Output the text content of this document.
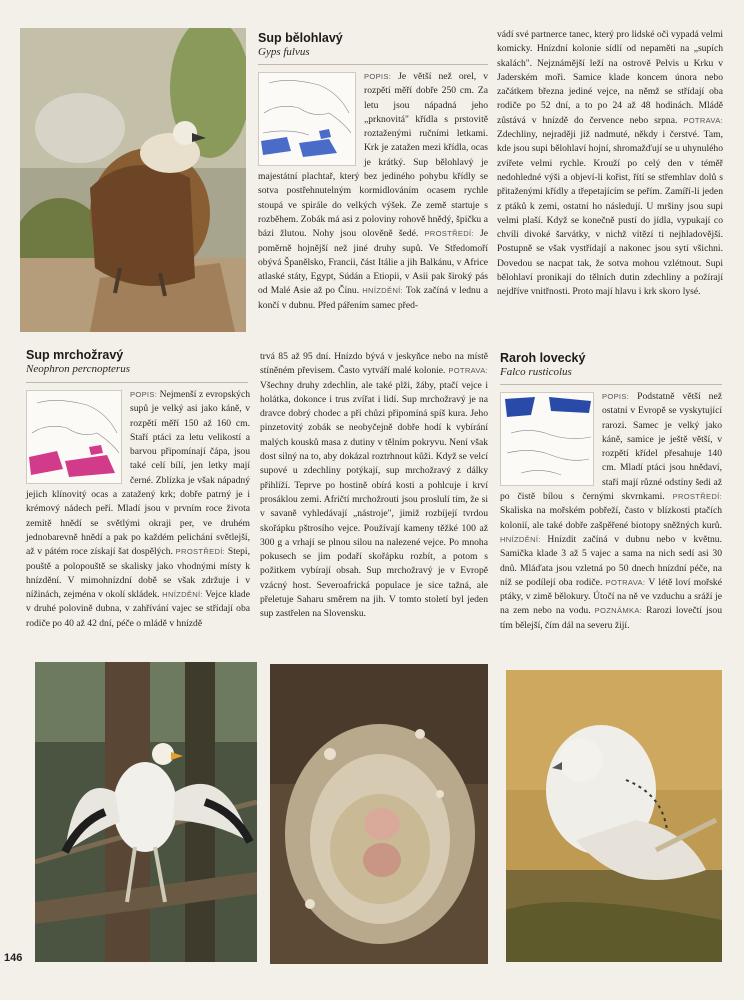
Sup bělohlavý
Gyps fulvus

POPIS: Je větší než orel, v rozpětí měří dobře 250 cm. Za letu jsou nápadná jeho „prknovitá" křídla s prstovitě roztaženými ručními letkami. Krk je zatažen mezi křídla, ocas je krátký. Sup bělohlavý je majestátní plachtař, který bez jediného pohybu křídly se sotva postřehnutelným kormidlováním ocasem rychle stoupá ve spirále do velkých výšek. Ze země startuje s rozběhem. Zobák má asi z poloviny rohově hnědý, špičku a bázi žlutou. Nohy jsou olověně šedé. PROSTŘEDÍ: Je poměrně hojnější než jiné druhy supů. Ve Středomoří obývá Španělsko, Francii, část Itálie a jih Balkánu, v Africe atlaské státy, Egypt, Súdán a Etiopii, v Asii pak široký pás od Malé Asie až po Čínu. HNÍZDĚNÍ: Tok začíná v lednu a končí v dubnu. Před pářením samec před-

vádí své partnerce tanec, který pro lidské oči vypadá velmi komicky. Hnízdní kolonie sídlí od nepaměti na „supích skalách". Nejznámější leží na ostrově Pelvis u Krku v Jaderském moři. Samice klade koncem února nebo začátkem března jediné vejce, na němž se střídají oba rodiče po 52 dní, a to po 24 až 48 hodinách. Mládě zůstává v hnízdě do července nebo srpna. POTRAVA: Zdechliny, nejraději již nadmuté, někdy i čerstvé. Tam, kde jsou supi bělohlaví hojní, shromažďují se u uhynulého zvířete velmi rychle. Krouží po celý den v téměř nedohledné výši a objeví-li kořist, řítí se střemhlav dolů s přitaženými křídly a třepetajícím se peřím. Zamíří-li jeden z ptáků k zemi, ostatní ho následují. U mršiny jsou supi velmi plaší. Když se konečně pustí do jídla, vypukají co chvíli divoké šarvátky, v nichž vítězí ti nejhladovější. Postupně se však vystřídají a nakonec jsou sytí všichni. Dovedou se nacpat tak, že sotva mohou vzlétnout. Supi bělohlaví pronikají do tělních dutin zdechliny a požírají nejdříve vnitřnosti. Proto mají hlavu i krk skoro lysé.

Sup mrchožravý
Neophron percnopterus

POPIS: Nejmenší z evropských supů je velký asi jako káně, v rozpětí měří 150 až 160 cm. Staří ptáci za letu velikostí a barvou připomínají čápa, jsou také celí bílí, jen letky mají černé. Zblízka je však nápadný jejich klínovitý ocas a zatažený krk; dobře patrný je i krémový nádech peří. Mladí jsou v prvním roce života zemitě hnědí se světlými okraji per, ve druhém jednobarevně hnědí a pak po každém pelichání světlejší, až v pátém roce získají šat dospělých. PROSTŘEDÍ: Stepi, pouště a polopouště se skalisky jako vhodnými místy k hnízdění. V mimohnízdní době se však zdržuje i v nížinách, zejména v okolí skládek. HNÍZDĚNÍ: Vejce klade v druhé polovině dubna, v zahřívání vajec se střídají oba rodiče po 40 až 42 dní, péče o mládě v hnízdě

trvá 85 až 95 dní. Hnízdo bývá v jeskyňce nebo na místě stíněném převisem. Často vytváří malé kolonie. POTRAVA: Všechny druhy zdechlin, ale také plži, žáby, ptačí vejce i holátka, dokonce i trus zvířat i lidí. Sup mrchožravý je na dravce dobrý chodec a při chůzi připomíná spíš kura. Jeho pinzetovitý zobák se neobyčejně dobře hodí k vybírání malých kousků masa z dutiny v tělním pokryvu. Není však dost silný na to, aby dokázal roztrhnout kůži. Když se velcí supové u zdechliny potýkají, sup mrchožravý z dálky přihlíží. Teprve po hostině obírá kosti a pohlcuje i krví prosáklou zemi. Afričtí mrchožrouti jsou proslulí tím, že si v savaně vyhledávají „nástroje", jimiž rozbíjejí tvrdou skořápku pštrosího vejce. Používají kameny těžké 100 až 300 g a vrhají se plnou silou na nalezené vejce. Po mnoha pokusech se jim podaří skořápku rozbít, a potom s požitkem vybírají obsah. Sup mrchožravý je v Evropě vzácný host. Severoafrická populace je sice tažná, ale přeletuje Saharu směrem na jih. V tomto století byl jeden sup zastřelen na Slovensku.

Raroh lovecký
Falco rusticolus

POPIS: Podstatně větší než ostatní v Evropě se vyskytující rarozi. Samec je velký jako káně, samice je ještě větší, v rozpětí křídel přesahuje 140 cm. Mladí ptáci jsou hnědaví, staří mají různé odstíny šedi až po čistě bílou s černými skvrnkami. PROSTŘEDÍ: Skaliska na mořském pobřeží, často v blízkosti ptačích kolonií, ale také dobře zašpěřené biotopy sněžných kurů. HNÍZDĚNÍ: Hnízdit začíná v dubnu nebo v květnu. Samička klade 3 až 5 vajec a sama na nich sedí asi 30 dnů. Mláďata jsou vzletná po 50 dnech hnízdní péče, na níž se podílejí oba rodiče. POTRAVA: V létě loví mořské ptáky, v zimě bělokury. Útočí na ně ve vzduchu a sráží je na zem nebo na vodu. POZNÁMKA: Rarozi lovečtí jsou tím bělejší, čím dál na severu žijí.

146
